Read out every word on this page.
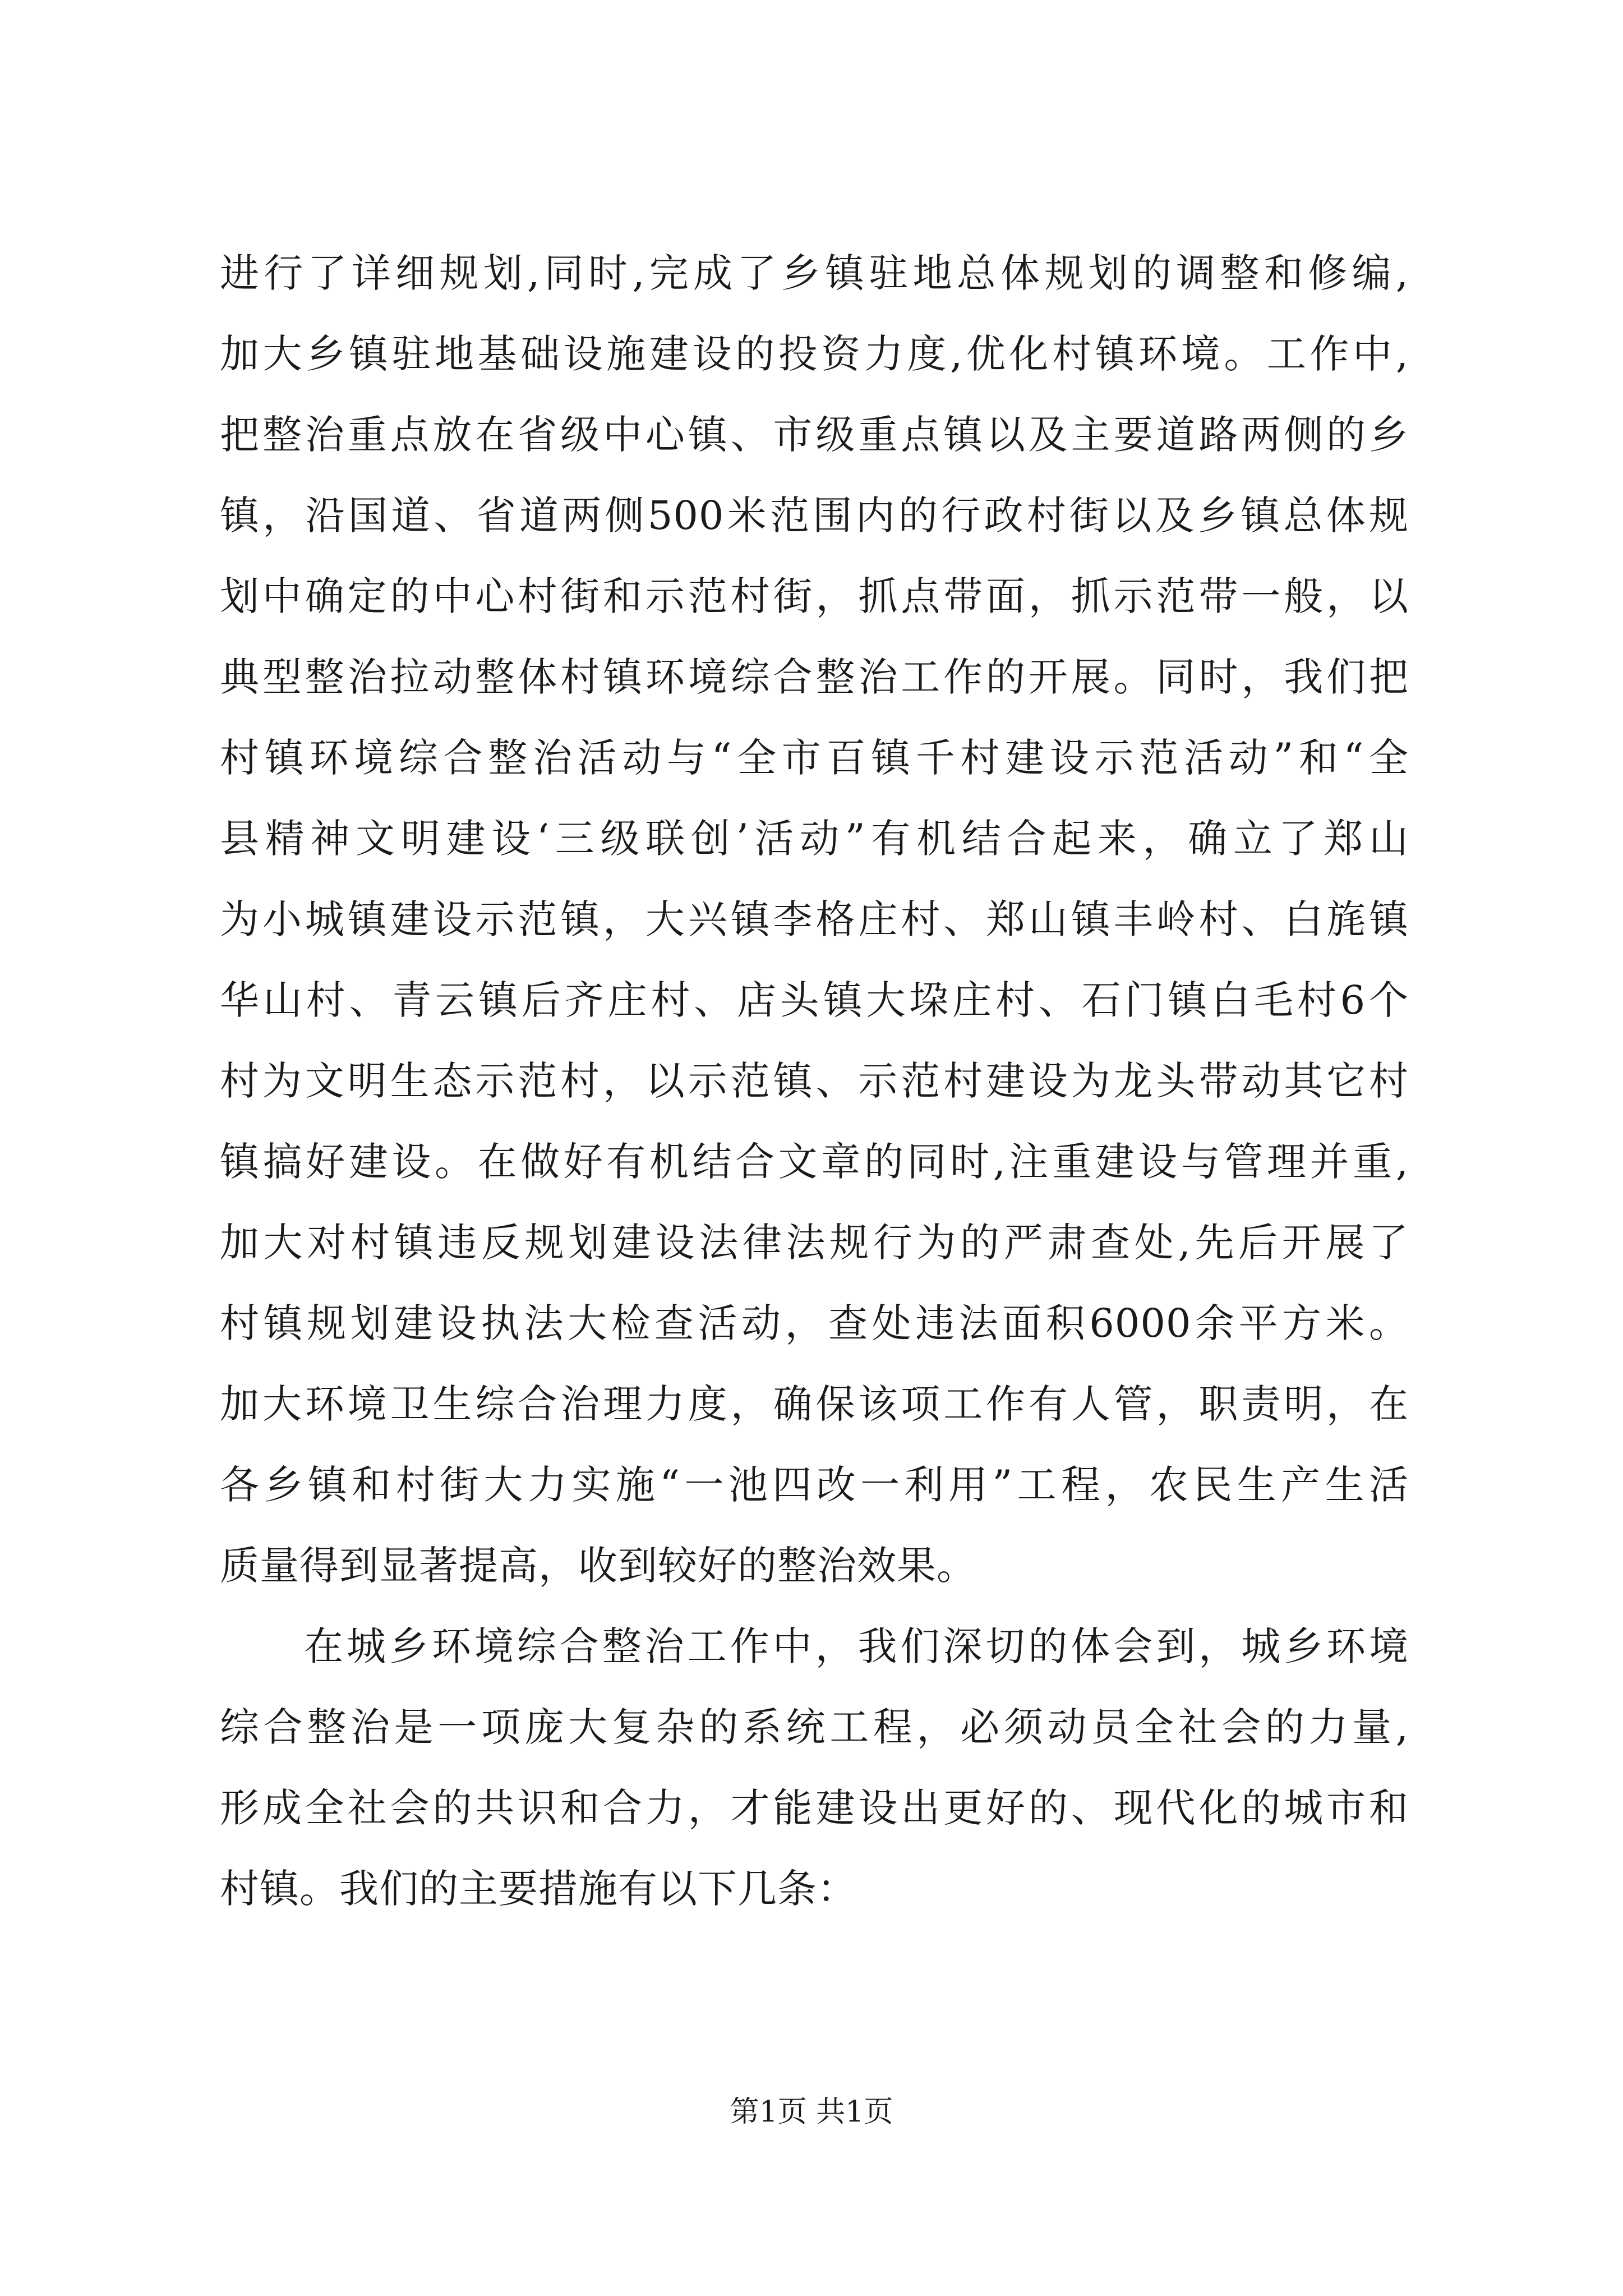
进行了详细规划,同时,完成了乡镇驻地总体规划的调整和修编,
加大乡镇驻地基础设施建设的投资力度,优化村镇环境。工作中,
把整治重点放在省级中心镇、市级重点镇以及主要道路两侧的乡
镇，沿国道、省道两侧500米范围内的行政村街以及乡镇总体规
划中确定的中心村街和示范村街，抓点带面，抓示范带一般，以
典型整治拉动整体村镇环境综合整治工作的开展。同时，我们把
村镇环境综合整治活动与“全市百镇千村建设示范活动”和“全
县精神文明建设‘三级联创’活动”有机结合起来，确立了郑山
为小城镇建设示范镇，大兴镇李格庄村、郑山镇丰岭村、白旄镇
华山村、青云镇后齐庄村、店头镇大垜庄村、石门镇白毛村6个
村为文明生态示范村，以示范镇、示范村建设为龙头带动其它村
镇搞好建设。在做好有机结合文章的同时,注重建设与管理并重,
加大对村镇违反规划建设法律法规行为的严肃查处,先后开展了
村镇规划建设执法大检查活动，查处违法面积6000余平方米。
加大环境卫生综合治理力度，确保该项工作有人管，职责明，在
各乡镇和村街大力实施“一池四改一利用”工程，农民生产生活
质量得到显著提高，收到较好的整治效果。
在城乡环境综合整治工作中，我们深切的体会到，城乡环境
综合整治是一项庞大复杂的系统工程，必须动员全社会的力量,
形成全社会的共识和合力，才能建设出更好的、现代化的城市和
村镇。我们的主要措施有以下几条：
第1页 共1页
